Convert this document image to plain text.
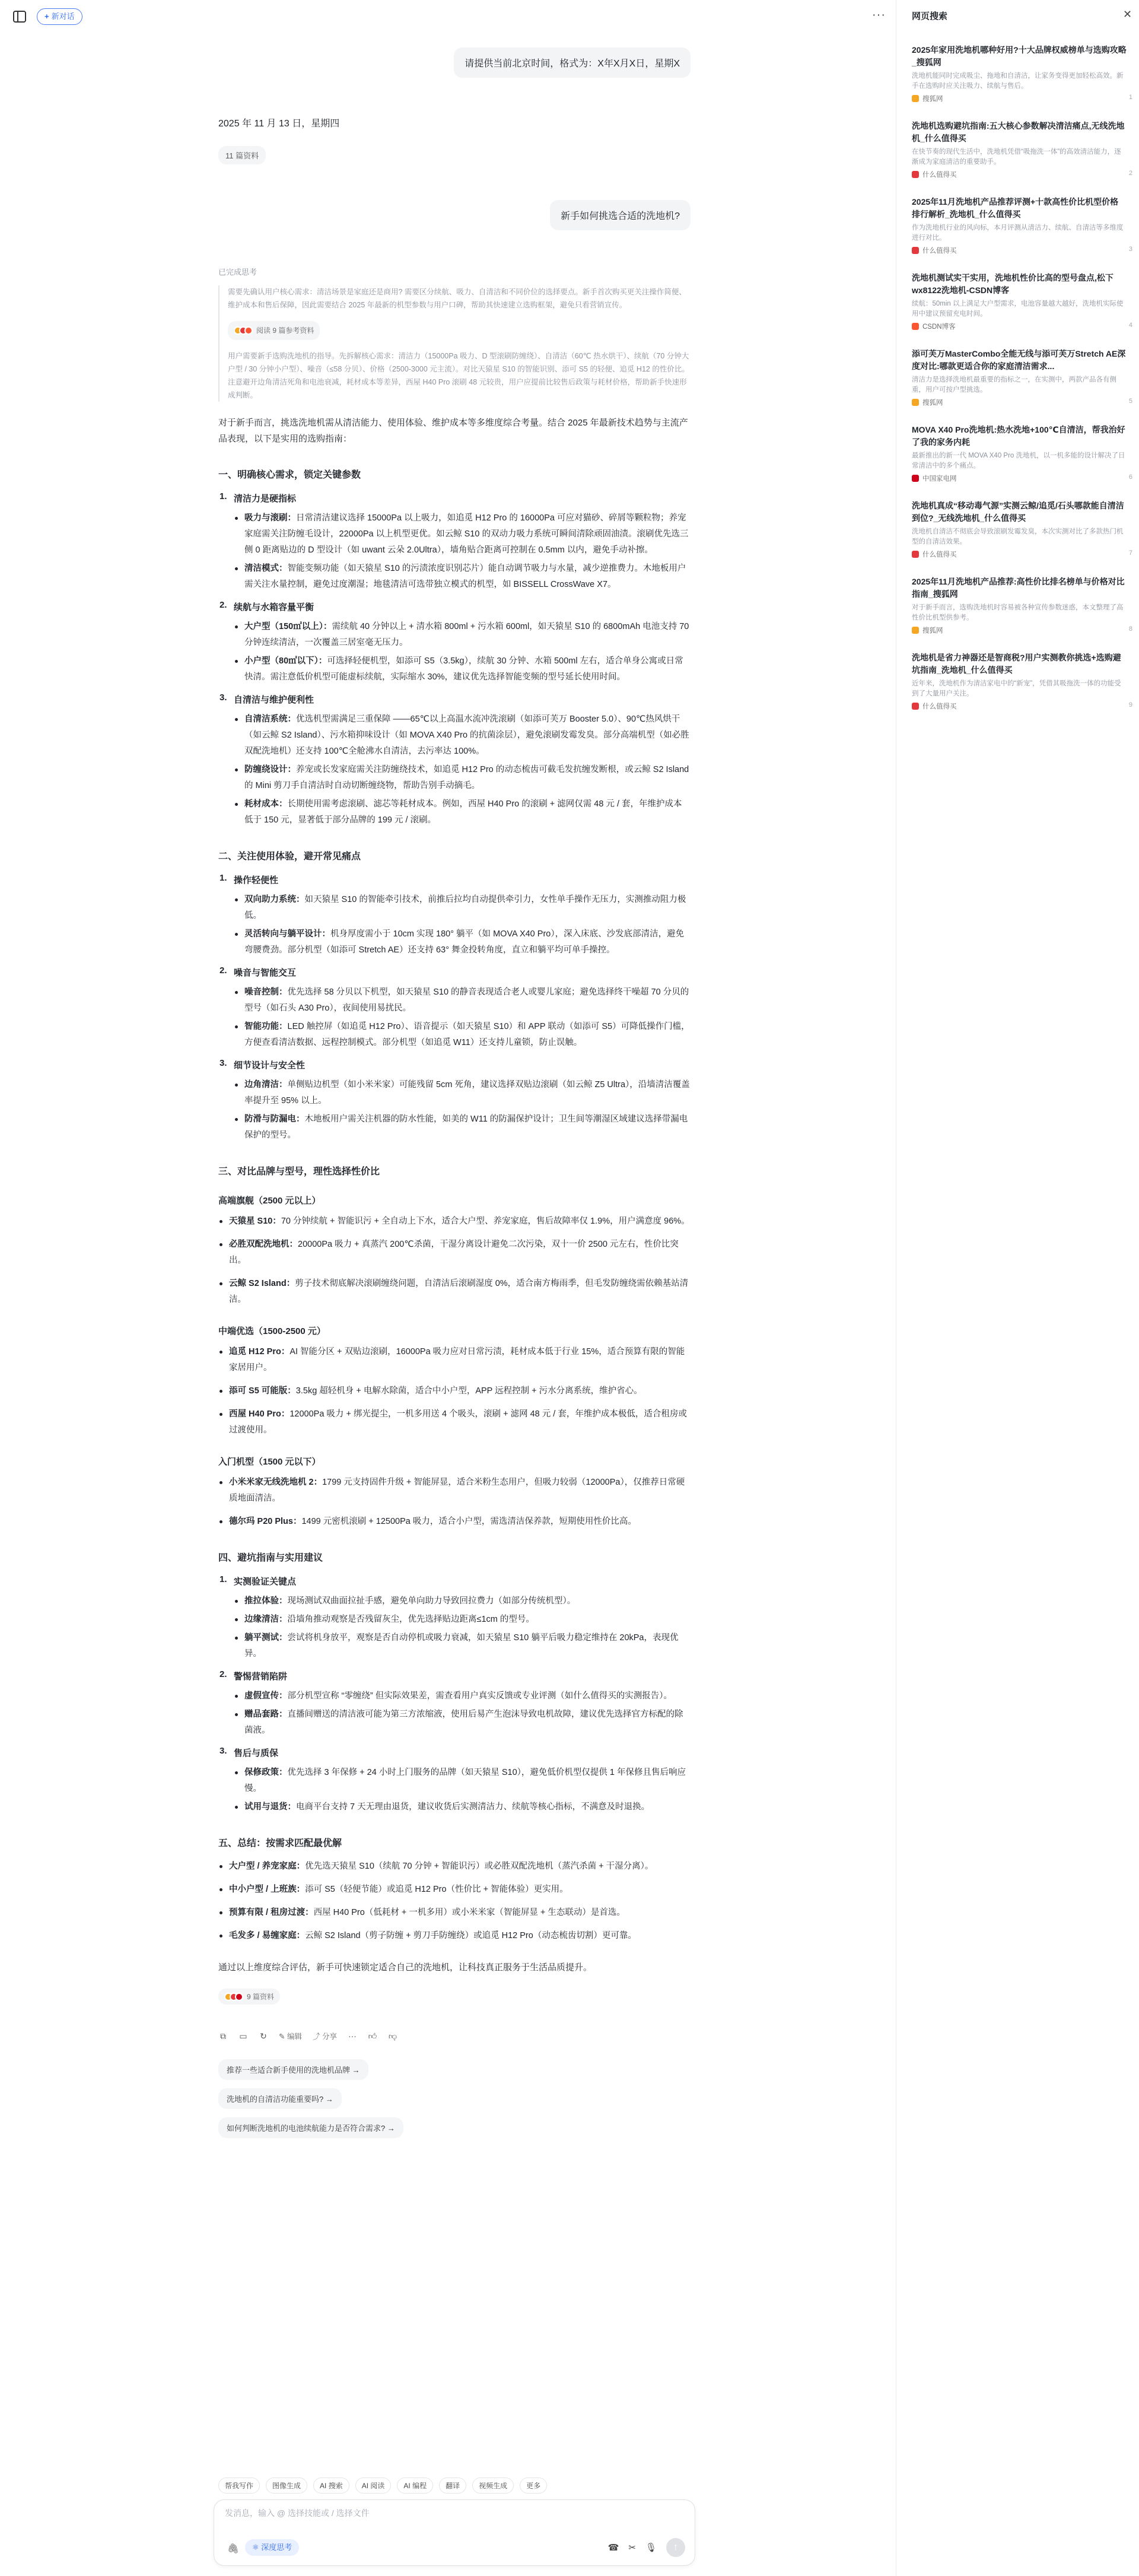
+ 新对话	···
请提供当前北京时间，格式为：X年X月X日，星期X
2025 年 11 月 13 日，星期四
11 篇资料
新手如何挑选合适的洗地机?
已完成思考

需要先确认用户核心需求：清洁场景是家庭还是商用? 需要区分续航、吸力、自清洁和不同价位的选择要点。新手首次购买更关注操作简便、维护成本和售后保障，因此需要结合 2025 年最新的机型参数与用户口碑，帮助其快速建立选购框架，避免只看营销宣传。

阅读 9 篇参考资料

用户需要新手选购洗地机的指导。先拆解核心需求：清洁力（15000Pa 吸力、D 型滚刷防缠绕）、自清洁（60℃ 热水烘干）、续航（70 分钟大户型 / 30 分钟小户型）、噪音（≤58 分贝）、价格（2500-3000 元主流）。对比天猿星 S10 的智能识别、添可 S5 的轻便、追觅 H12 的性价比。注意避开边角清洁死角和电池衰减，耗材成本等差异，西屋 H40 Pro 滚刷 48 元较贵，用户应提前比较售后政策与耗材价格，帮助新手快速形成判断。

对于新手而言，挑选洗地机需从清洁能力、使用体验、维护成本等多维度综合考量。结合 2025 年最新技术趋势与主流产品表现，以下是实用的选购指南：
一、明确核心需求，锁定关键参数
1. 清洁力是硬指标
吸力与滚刷：日常清洁建议选择 15000Pa 以上吸力，如追觅 H12 Pro 的 16000Pa 可应对猫砂、碎屑等颗粒物；养宠家庭需关注防缠毛设计，22000Pa 以上机型更优。如云鲸 S10 的双动力吸力系统可瞬间清除顽固油渍。滚刷优先选三侧 0 距离贴边的 D 型设计（如 uwant 云朵 2.0Ultra），墙角贴合距离可控制在 0.5mm 以内，避免手动补擦。
清洁模式：智能变频功能（如天猿星 S10 的污渍浓度识别芯片）能自动调节吸力与水量，减少逆推费力。木地板用户需关注水量控制，避免过度潮湿；地毯清洁可选带独立模式的机型，如 BISSELL CrossWave X7。
2. 续航与水箱容量平衡
大户型（150㎡以上）：需续航 40 分钟以上 + 清水箱 800ml + 污水箱 600ml，如天猿星 S10 的 6800mAh 电池支持 70 分钟连续清洁，一次覆盖三居室毫无压力。
小户型（80㎡以下）：可选择轻便机型，如添可 S5（3.5kg），续航 30 分钟、水箱 500ml 左右，适合单身公寓或日常快清。需注意低价机型可能虚标续航，实际缩水 30%，建议优先选择智能变频的型号延长使用时间。
3. 自清洁与维护便利性
自清洁系统：优选机型需满足三重保障 ——65℃以上高温水流冲洗滚刷（如添可芙万 Booster 5.0）、90℃热风烘干（如云鲸 S2 Island）、污水箱抑味设计（如 MOVA X40 Pro 的抗菌涂层），避免滚刷发霉发臭。部分高端机型（如必胜双配洗地机）还支持 100℃全舱沸水自清洁，去污率达 100%。
防缠绕设计：养宠或长发家庭需关注防缠绕技术，如追觅 H12 Pro 的动态梳齿可截毛发抗缠发断根，或云鲸 S2 Island 的 Mini 剪刀手自清洁时自动切断缠绕物，帮助告别手动摘毛。
耗材成本：长期使用需考虑滚刷、滤芯等耗材成本。例如，西屋 H40 Pro 的滚刷 + 滤网仅需 48 元 / 套，年维护成本低于 150 元，显著低于部分品牌的 199 元 / 滚刷。
二、关注使用体验，避开常见痛点
1. 操作轻便性
双向助力系统：如天猿星 S10 的智能牵引技术，前推后拉均自动提供牵引力，女性单手操作无压力，实测推动阻力极低。
灵活转向与躺平设计：机身厚度需小于 10cm 实现 180° 躺平（如 MOVA X40 Pro），深入床底、沙发底部清洁，避免弯腰费劲。部分机型（如添可 Stretch AE）还支持 63° 舞金投转角度，直立和躺平均可单手操控。
2. 噪音与智能交互
噪音控制：优先选择 58 分贝以下机型，如天猿星 S10 的静音表现适合老人或婴儿家庭；避免选择终干噪超 70 分贝的型号（如石头 A30 Pro），夜间使用易扰民。
智能功能：LED 触控屏（如追觅 H12 Pro）、语音提示（如天猿星 S10）和 APP 联动（如添可 S5）可降低操作门槛，方便查看清洁数据、远程控制模式。部分机型（如追觅 W11）还支持儿童锁，防止误触。
3. 细节设计与安全性
边角清洁：单侧贴边机型（如小米米家）可能残留 5cm 死角，建议选择双贴边滚刷（如云鲸 Z5 Ultra），沿墙清洁覆盖率提升至 95% 以上。
防滑与防漏电：木地板用户需关注机器的防水性能，如美的 W11 的防漏保护设计；卫生间等潮湿区域建议选择带漏电保护的型号。
三、对比品牌与型号，理性选择性价比
高端旗舰（2500 元以上）
天猿星 S10：70 分钟续航 + 智能识污 + 全自动上下水，适合大户型、养宠家庭，售后故障率仅 1.9%，用户满意度 96%。
必胜双配洗地机：20000Pa 吸力 + 真蒸汽 200℃杀菌，干湿分离设计避免二次污染，双十一价 2500 元左右，性价比突出。
云鲸 S2 Island：剪子技术彻底解决滚刷缠绕问题，自清洁后滚刷湿度 0%，适合南方梅雨季，但毛发防缠绕需依赖基站清洁。
中端优选（1500-2500 元）
追觅 H12 Pro：AI 智能分区 + 双贴边滚刷，16000Pa 吸力应对日常污渍，耗材成本低于行业 15%，适合预算有限的智能家居用户。
添可 S5 可能版：3.5kg 超轻机身 + 电解水除菌，适合中小户型，APP 远程控制 + 污水分离系统，维护省心。
西屋 H40 Pro：12000Pa 吸力 + 绑光提尘，一机多用送 4 个吸头，滚刷 + 滤网 48 元 / 套，年维护成本极低，适合租房或过渡使用。
入门机型（1500 元以下）
小米米家无线洗地机 2：1799 元支持固件升级 + 智能屏显，适合米粉生态用户，但吸力较弱（12000Pa），仅推荐日常硬质地面清洁。
德尔玛 P20 Plus：1499 元密机滚刷 + 12500Pa 吸力，适合小户型，需选清洁保养款，短期使用性价比高。
四、避坑指南与实用建议
1. 实测验证关键点
推拉体验：现场测试双曲面拉扯手感，避免单向助力导致回拉费力（如部分传统机型）。
边缘清洁：沿墙角推动观察是否残留灰尘，优先选择贴边距离≤1cm 的型号。
躺平测试：尝试将机身放平，观察是否自动停机或吸力衰减，如天猿星 S10 躺平后吸力稳定维持在 20kPa，表现优异。
2. 警惕营销陷阱
虚假宣传：部分机型宣称 “零缠绕” 但实际效果差，需查看用户真实反馈或专业评测（如什么值得买的实测报告）。
赠品套路：直播间赠送的清洁液可能为第三方浓缩液，使用后易产生泡沫导致电机故障，建议优先选择官方标配的除菌液。
3. 售后与质保
保修政策：优先选择 3 年保修 + 24 小时上门服务的品牌（如天猿星 S10），避免低价机型仅提供 1 年保修且售后响应慢。
试用与退货：电商平台支持 7 天无理由退货，建议收货后实测清洁力、续航等核心指标，不满意及时退换。
五、总结：按需求匹配最优解
大户型 / 养宠家庭：优先选天猿星 S10（续航 70 分钟 + 智能识污）或必胜双配洗地机（蒸汽杀菌 + 干湿分离）。
中小户型 / 上班族：添可 S5（轻便节能）或追觅 H12 Pro（性价比 + 智能体验）更实用。
预算有限 / 租房过渡：西屋 H40 Pro（低耗材 + 一机多用）或小米米家（智能屏显 + 生态联动）是首选。
毛发多 / 易缠家庭：云鲸 S2 Island（剪子防缠 + 剪刀手防缠绕）或追觅 H12 Pro（动态梳齿切割）更可靠。
通过以上维度综合评估，新手可快速锁定适合自己的洗地机，让科技真正服务于生活品质提升。
9 篇资料
⧉ ▭ ↻ ✎ 编辑 ⤴ 分享 ··· 👍︎ 👎︎
推荐一些适合新手使用的洗地机品牌 →
洗地机的自清洁功能重要吗? →
如何判断洗地机的电池续航能力是否符合需求? →
帮我写作	图像生成	AI 搜索	AI 阅读	AI 编程	翻译	视频生成	更多
发消息，输入 @ 选择技能或 / 选择文件
🖇︎	⚛ 深度思考	☎︎ ✂︎ 🎙︎	↑
网页搜索	✕
2025年家用洗地机哪种好用?十大品牌权威榜单与选购攻略_搜狐网
洗地机能同时完成吸尘、拖地和自清洁，让家务变得更加轻松高效。新手在选购时应关注吸力、续航与售后。
搜狐网	1
洗地机选购避坑指南:五大核心参数解决清洁痛点,无线洗地机_什么值得买
在快节奏的现代生活中，洗地机凭借“吸拖洗一体”的高效清洁能力，逐渐成为家庭清洁的重要助手。
什么值得买	2
2025年11月洗地机产品推荐评测+十款高性价比机型价格排行解析_洗地机_什么值得买
作为洗地机行业的风向标，本月评测从清洁力、续航、自清洁等多维度进行对比。
什么值得买	3
洗地机测试实干实用，洗地机性价比高的型号盘点,松下wx8122洗地机-CSDN博客
续航：50min 以上满足大户型需求，电池容量越大越好，洗地机实际使用中建议预留充电时间。
CSDN博客	4
添可芙万MasterCombo全能无线与添可芙万Stretch AE深度对比:哪款更适合你的家庭清洁需求...
清洁力是选择洗地机最重要的指标之一，在实测中，两款产品各有侧重，用户可按户型挑选。
搜狐网	5
MOVA X40 Pro洗地机:热水洗地+100℃自清洁，帮我治好了我的家务内耗
最新推出的新一代 MOVA X40 Pro 洗地机，以一机多能的设计解决了日常清洁中的多个痛点。
中国家电网	6
洗地机真成“移动毒气源”实测云鲸/追觅/石头哪款能自清洁到位?_无线洗地机_什么值得买
洗地机自清洁不彻底会导致滚刷发霉发臭，本次实测对比了多款热门机型的自清洁效果。
什么值得买	7
2025年11月洗地机产品推荐:高性价比排名榜单与价格对比指南_搜狐网
对于新手而言，选购洗地机时容易被各种宣传参数迷惑，本文整理了高性价比机型供参考。
搜狐网	8
洗地机是省力神器还是智商税?用户实测教你挑选+选购避坑指南_洗地机_什么值得买
近年来，洗地机作为清洁家电中的“新宠”，凭借其吸拖洗一体的功能受到了大量用户关注。
什么值得买	9
